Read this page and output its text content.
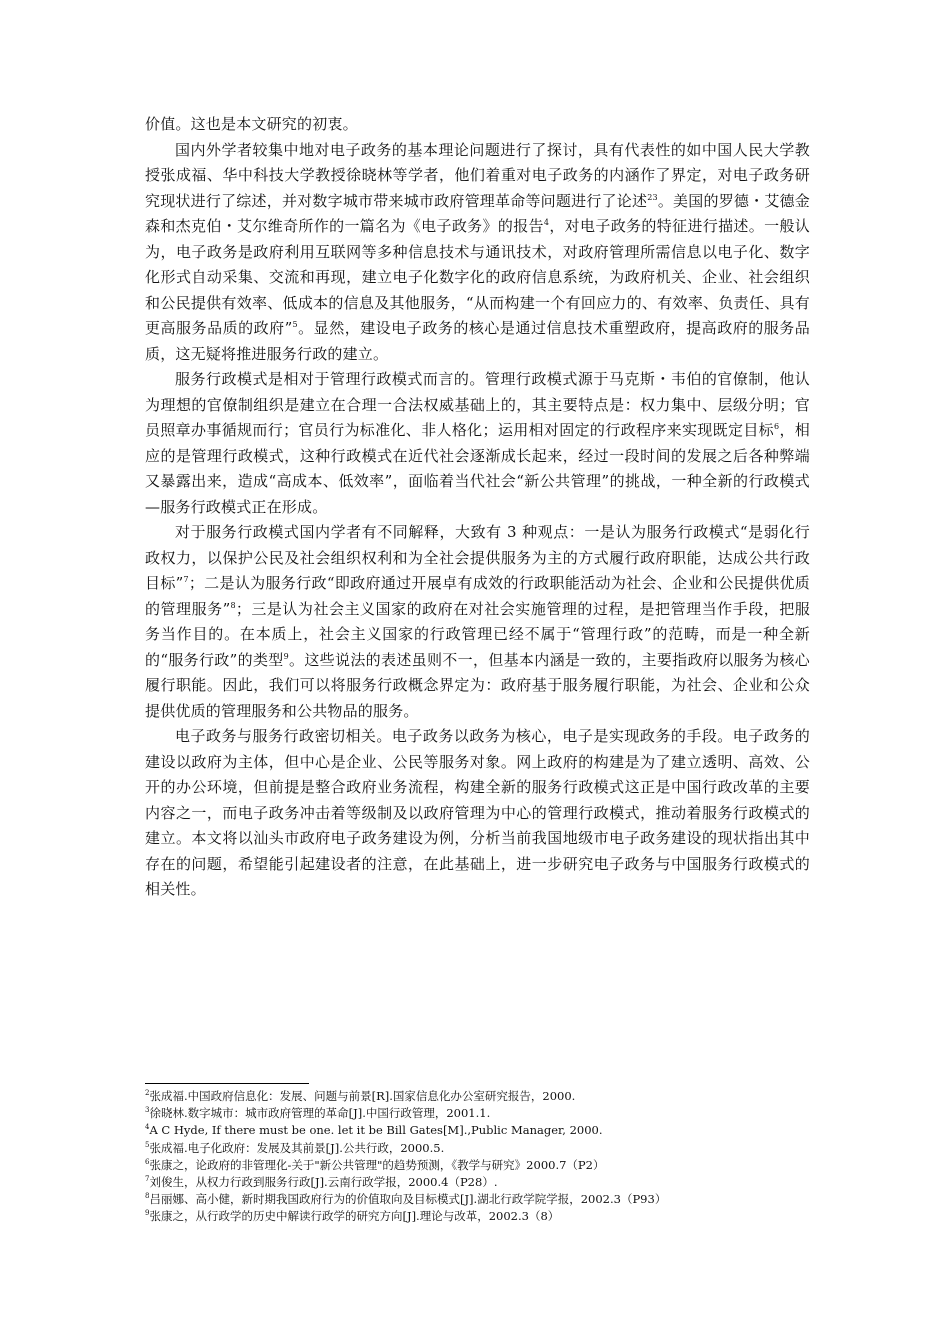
价值。这也是本文研究的初衷。

国内外学者较集中地对电子政务的基本理论问题进行了探讨，具有代表性的如中国人民大学教授张成福、华中科技大学教授徐晓林等学者，他们着重对电子政务的内涵作了界定，对电子政务研究现状进行了综述，并对数字城市带来城市政府管理革命等问题进行了论述$^{23}$。美国的罗德・艾德金森和杰克伯・艾尔维奇所作的一篇名为《电子政务》的报告$^4$，对电子政务的特征进行描述。一般认为，电子政务是政府利用互联网等多种信息技术与通讯技术，对政府管理所需信息以电子化、数字化形式自动采集、交流和再现，建立电子化数字化的政府信息系统，为政府机关、企业、社会组织和公民提供有效率、低成本的信息及其他服务，“从而构建一个有回应力的、有效率、负责任、具有更高服务品质的政府”$^5$。显然，建设电子政务的核心是通过信息技术重塑政府，提高政府的服务品质，这无疑将推进服务行政的建立。

服务行政模式是相对于管理行政模式而言的。管理行政模式源于马克斯・韦伯的官僚制，他认为理想的官僚制组织是建立在合理一合法权威基础上的，其主要特点是：权力集中、层级分明；官员照章办事循规而行；官员行为标准化、非人格化；运用相对固定的行政程序来实现既定目标$^6$，相应的是管理行政模式，这种行政模式在近代社会逐渐成长起来，经过一段时间的发展之后各种弊端又暴露出来，造成“高成本、低效率”，面临着当代社会“新公共管理”的挑战，一种全新的行政模式—服务行政模式正在形成。

对于服务行政模式国内学者有不同解释，大致有 3 种观点：一是认为服务行政模式“是弱化行政权力，以保护公民及社会组织权利和为全社会提供服务为主的方式履行政府职能，达成公共行政目标”$^7$；二是认为服务行政“即政府通过开展卓有成效的行政职能活动为社会、企业和公民提供优质的管理服务”$^8$；三是认为社会主义国家的政府在对社会实施管理的过程，是把管理当作手段，把服务当作目的。在本质上，社会主义国家的行政管理已经不属于“管理行政”的范畴，而是一种全新的“服务行政”的类型$^9$。这些说法的表述虽则不一，但基本内涵是一致的，主要指政府以服务为核心履行职能。因此，我们可以将服务行政概念界定为：政府基于服务履行职能，为社会、企业和公众提供优质的管理服务和公共物品的服务。

电子政务与服务行政密切相关。电子政务以政务为核心，电子是实现政务的手段。电子政务的建设以政府为主体，但中心是企业、公民等服务对象。网上政府的构建是为了建立透明、高效、公开的办公环境，但前提是整合政府业务流程，构建全新的服务行政模式这正是中国行政改革的主要内容之一，而电子政务冲击着等级制及以政府管理为中心的管理行政模式，推动着服务行政模式的建立。本文将以汕头市政府电子政务建设为例，分析当前我国地级市电子政务建设的现状指出其中存在的问题，希望能引起建设者的注意，在此基础上，进一步研究电子政务与中国服务行政模式的相关性。

$^2$张成福.中国政府信息化：发展、问题与前景[R].国家信息化办公室研究报告，2000.
$^3$徐晓林.数字城市：城市政府管理的革命[J].中国行政管理，2001.1.
$^4$A C Hyde, If there must be one. let it be Bill Gates[M].,Public Manager, 2000.
$^5$张成福.电子化政府：发展及其前景[J].公共行政，2000.5.
$^6$张康之，论政府的非管理化-关于"新公共管理"的趋势预测，《教学与研究》2000.7（P2）
$^7$刘俊生，从权力行政到服务行政[J].云南行政学报，2000.4（P28）.
$^8$吕丽娜、高小健，新时期我国政府行为的价值取向及目标模式[J].湖北行政学院学报，2002.3（P93）
$^9$张康之，从行政学的历史中解读行政学的研究方向[J].理论与改革，2002.3（8）
